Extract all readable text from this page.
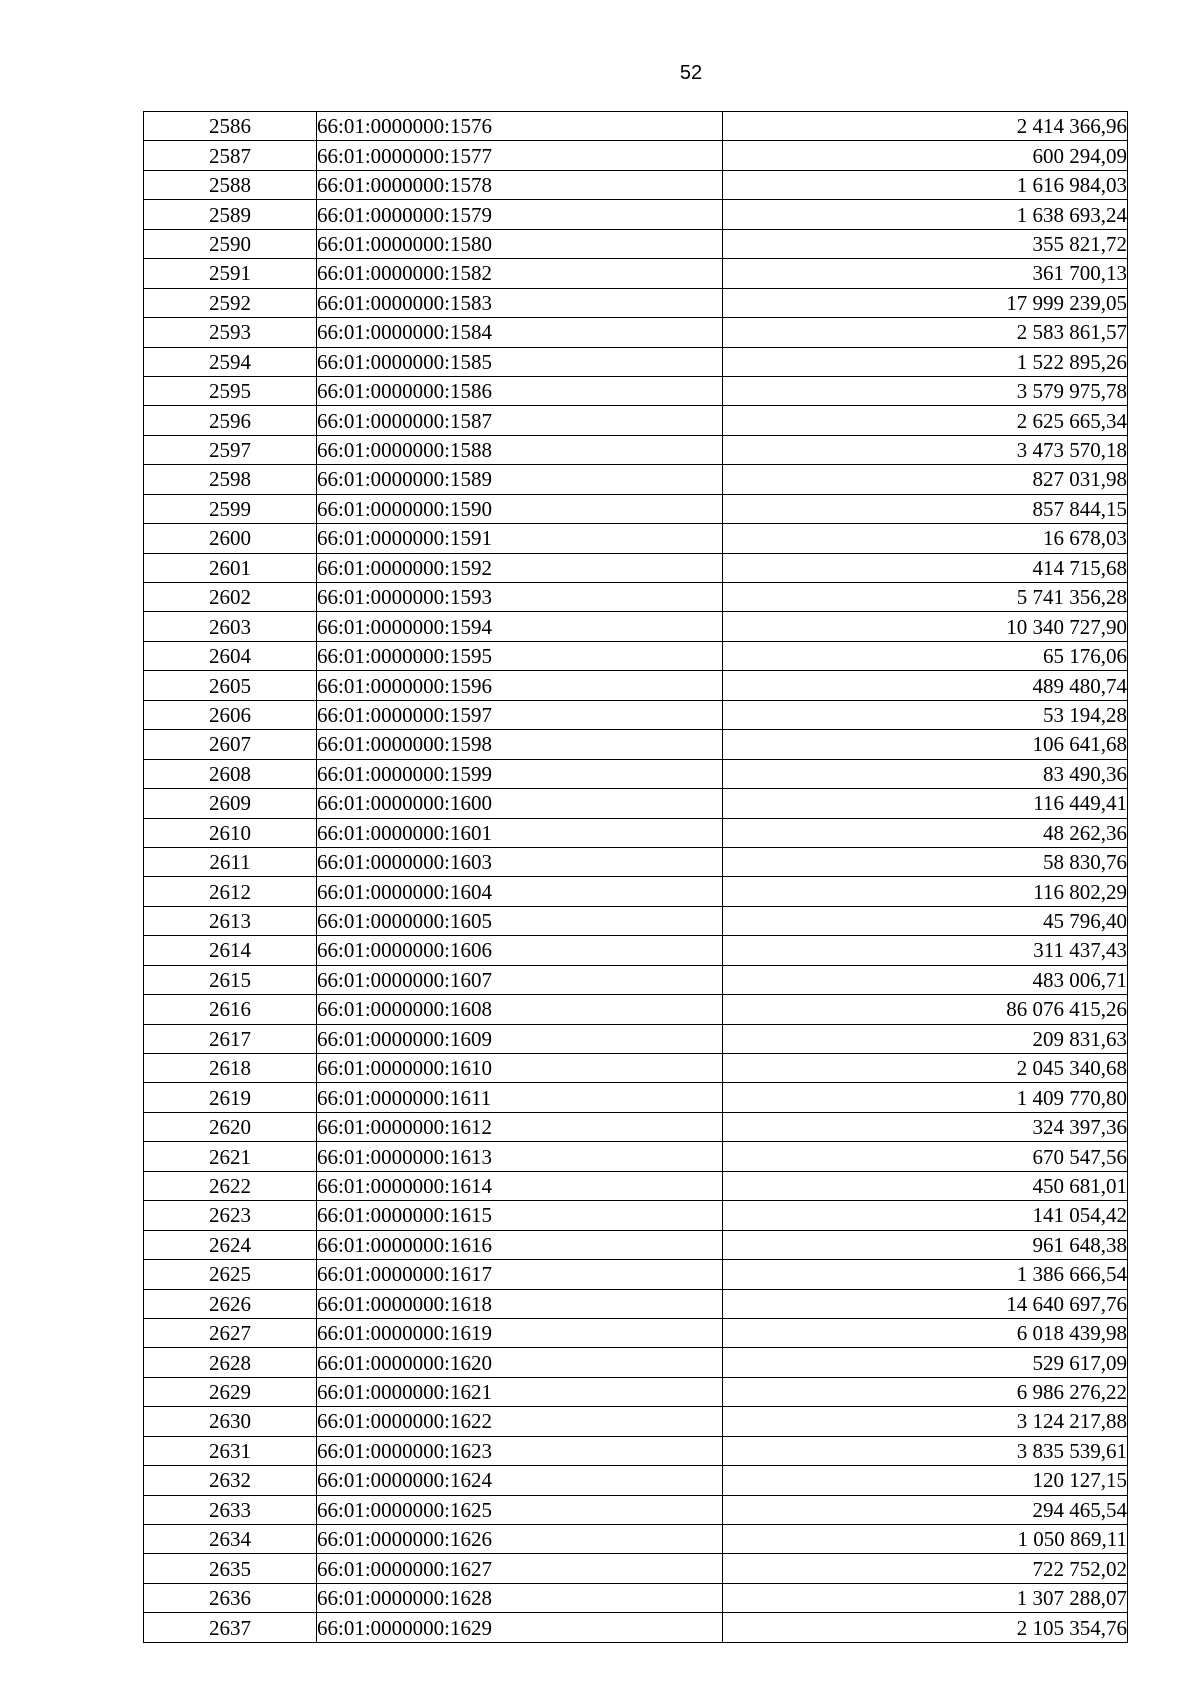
52
2586	66:01:0000000:1576	2 414 366,96
2587	66:01:0000000:1577	600 294,09
2588	66:01:0000000:1578	1 616 984,03
2589	66:01:0000000:1579	1 638 693,24
2590	66:01:0000000:1580	355 821,72
2591	66:01:0000000:1582	361 700,13
2592	66:01:0000000:1583	17 999 239,05
2593	66:01:0000000:1584	2 583 861,57
2594	66:01:0000000:1585	1 522 895,26
2595	66:01:0000000:1586	3 579 975,78
2596	66:01:0000000:1587	2 625 665,34
2597	66:01:0000000:1588	3 473 570,18
2598	66:01:0000000:1589	827 031,98
2599	66:01:0000000:1590	857 844,15
2600	66:01:0000000:1591	16 678,03
2601	66:01:0000000:1592	414 715,68
2602	66:01:0000000:1593	5 741 356,28
2603	66:01:0000000:1594	10 340 727,90
2604	66:01:0000000:1595	65 176,06
2605	66:01:0000000:1596	489 480,74
2606	66:01:0000000:1597	53 194,28
2607	66:01:0000000:1598	106 641,68
2608	66:01:0000000:1599	83 490,36
2609	66:01:0000000:1600	116 449,41
2610	66:01:0000000:1601	48 262,36
2611	66:01:0000000:1603	58 830,76
2612	66:01:0000000:1604	116 802,29
2613	66:01:0000000:1605	45 796,40
2614	66:01:0000000:1606	311 437,43
2615	66:01:0000000:1607	483 006,71
2616	66:01:0000000:1608	86 076 415,26
2617	66:01:0000000:1609	209 831,63
2618	66:01:0000000:1610	2 045 340,68
2619	66:01:0000000:1611	1 409 770,80
2620	66:01:0000000:1612	324 397,36
2621	66:01:0000000:1613	670 547,56
2622	66:01:0000000:1614	450 681,01
2623	66:01:0000000:1615	141 054,42
2624	66:01:0000000:1616	961 648,38
2625	66:01:0000000:1617	1 386 666,54
2626	66:01:0000000:1618	14 640 697,76
2627	66:01:0000000:1619	6 018 439,98
2628	66:01:0000000:1620	529 617,09
2629	66:01:0000000:1621	6 986 276,22
2630	66:01:0000000:1622	3 124 217,88
2631	66:01:0000000:1623	3 835 539,61
2632	66:01:0000000:1624	120 127,15
2633	66:01:0000000:1625	294 465,54
2634	66:01:0000000:1626	1 050 869,11
2635	66:01:0000000:1627	722 752,02
2636	66:01:0000000:1628	1 307 288,07
2637	66:01:0000000:1629	2 105 354,76
